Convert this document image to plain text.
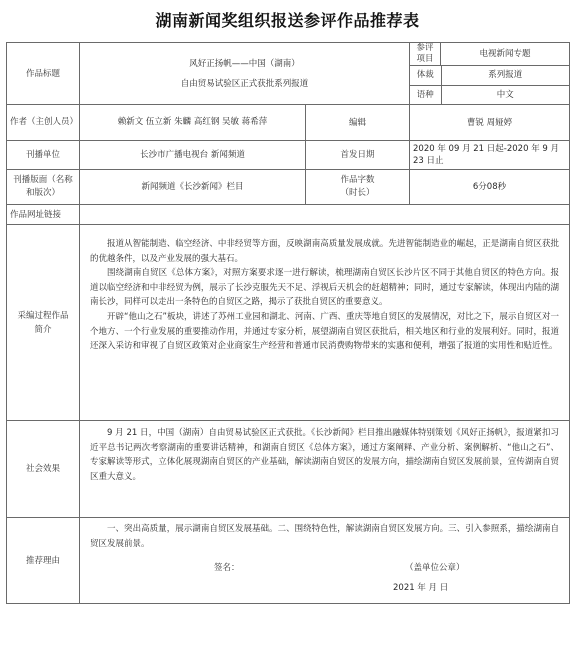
湖南新闻奖组织报送参评作品推荐表
作品标题	
风好正扬帆——中国（湖南）
自由贸易试验区正式获批系列报道
	参评项目	电视新闻专题

体裁	系列报道
语种	中文

作者（主创人员）	赖新文 伍立新 朱麟 高红钢 吴敏 蒋希萍	编辑	曹锐 周娅婷
刊播单位	长沙市广播电视台 新闻频道	首发日期	2020 年 09 月 21 日起-2020 年 9 月 23 日止
刊播版面（名称和版次）	新闻频道《长沙新闻》栏目	作品字数（时长）	6分08秒
作品网址链接	
采编过程作品简介	

报道从智能制造、临空经济、中非经贸等方面，反映湖南高质量发展成就。先进智能制造业的崛起，正是湖南自贸区获批的优越条件，以及产业发展的强大基石。

围绕湖南自贸区《总体方案》，对照方案要求逐一进行解读，梳理湖南自贸区长沙片区不同于其他自贸区的特色方向。报道以临空经济和中非经贸为例，展示了长沙克服先天不足、浮视后天机会的赶超精神；同时，通过专家解读，体现出内陆的湖南长沙，同样可以走出一条特色的自贸区之路，揭示了获批自贸区的重要意义。

开辟“他山之石”板块，讲述了苏州工业园和湖北、河南、广西、重庆等地自贸区的发展情况，对比之下，展示自贸区对一个地方、一个行业发展的重要推动作用，并通过专家分析，展望湖南自贸区获批后，相关地区和行业的发展利好。同时，报道还深入采访和审视了自贸区政策对企业商家生产经营和普通市民消费购物带来的实惠和便利，增强了报道的实用性和贴近性。

社会效果	

9 月 21 日，中国（湖南）自由贸易试验区正式获批。《长沙新闻》栏目推出融媒体特别策划《风好正扬帆》，报道紧扣习近平总书记两次考察湖南的重要讲话精神，和湖南自贸区《总体方案》，通过方案阐释、产业分析、案例解析、“他山之石”、专家解读等形式，立体化展现湖南自贸区的产业基础，解读湖南自贸区的发展方向，描绘湖南自贸区发展前景，宣传湖南自贸区重大意义。

推荐理由	

一、突出高质量，展示湖南自贸区发展基础。二、围绕特色性，解读湖南自贸区发展方向。三、引入参照系，描绘湖南自贸区发展前景。

签名：	（盖单位公章）
2021 年 月 日
